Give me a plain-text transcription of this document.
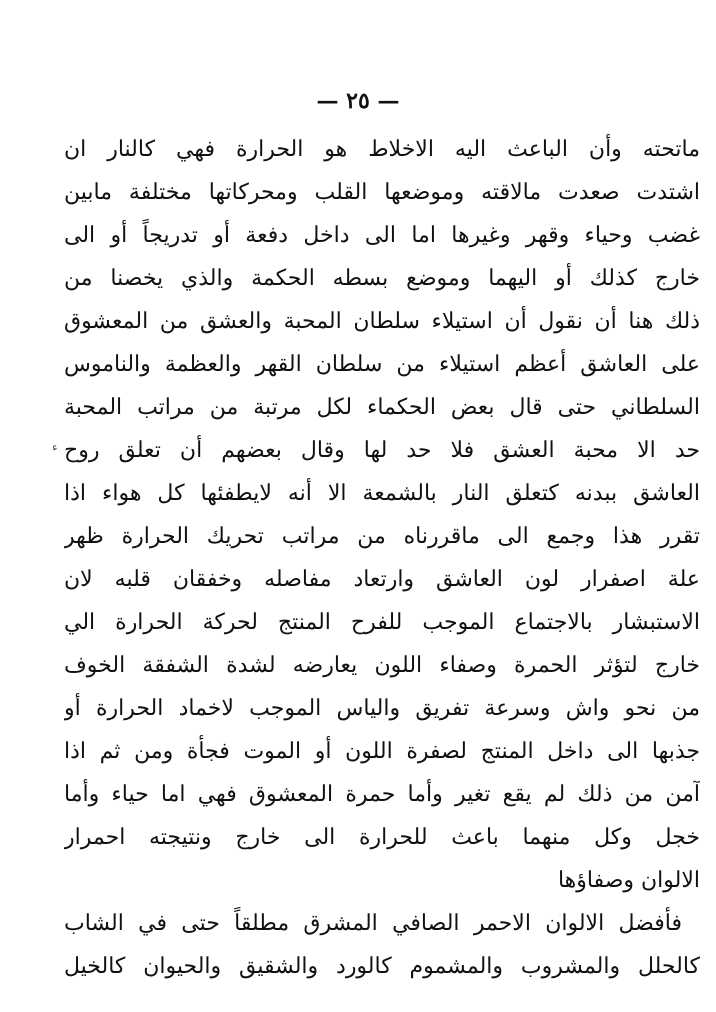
— ٢٥ —
ء
ماتحته وأن الباعث اليه الاخلاط هو الحرارة فهي كالنار ان
اشتدت صعدت مالاقته وموضعها القلب ومحركاتها مختلفة مابين
غضب وحياء وقهر وغيرها اما الى داخل دفعة أو تدريجاً أو الى
خارج كذلك أو اليهما وموضع بسطه الحكمة والذي يخصنا من
ذلك هنا أن نقول أن استيلاء سلطان المحبة والعشق من المعشوق
على العاشق أعظم استيلاء من سلطان القهر والعظمة والناموس
السلطاني حتى قال بعض الحكماء لكل مرتبة من مراتب المحبة
حد الا محبة العشق فلا حد لها وقال بعضهم أن تعلق روح
العاشق ببدنه كتعلق النار بالشمعة الا أنه لايطفئها كل هواء اذا
تقرر هذا وجمع الى ماقررناه من مراتب تحريك الحرارة ظهر
علة اصفرار لون العاشق وارتعاد مفاصله وخفقان قلبه لان
الاستبشار بالاجتماع الموجب للفرح المنتج لحركة الحرارة الي
خارج لتؤثر الحمرة وصفاء اللون يعارضه لشدة الشفقة الخوف
من نحو واش وسرعة تفريق والياس الموجب لاخماد الحرارة أو
جذبها الى داخل المنتج لصفرة اللون أو الموت فجأة ومن ثم اذا
آمن من ذلك لم يقع تغير وأما حمرة المعشوق فهي اما حياء وأما
خجل وكل منهما باعث للحرارة الى خارج ونتيجته احمرار
الالوان وصفاؤها
فأفضل الالوان الاحمر الصافي المشرق مطلقاً حتى في الشاب
كالحلل والمشروب والمشموم كالورد والشقيق والحيوان كالخيل
